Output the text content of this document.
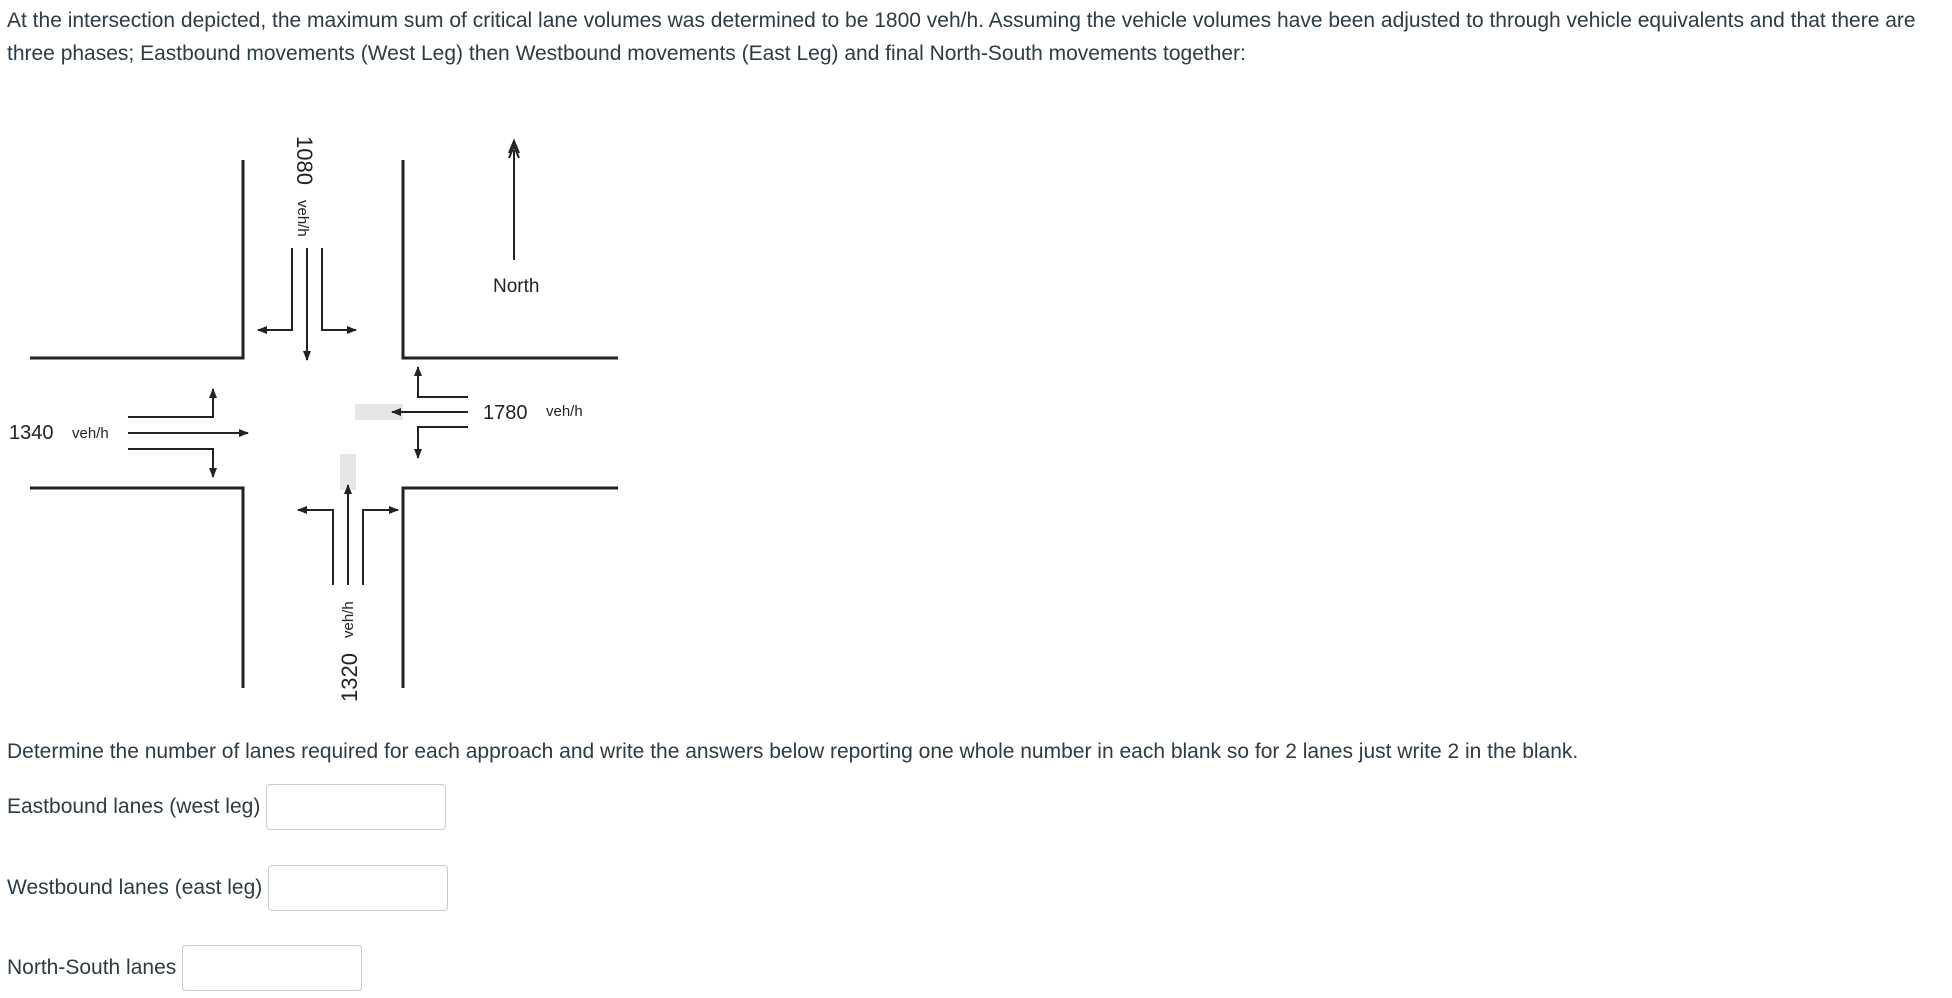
At the intersection depicted, the maximum sum of critical lane volumes was determined to be 1800 veh/h. Assuming the vehicle volumes have been adjusted to through vehicle equivalents and that there are three phases; Eastbound movements (West Leg) then Westbound movements (East Leg) and final North-South movements together:
North
1080
veh/h
1340 veh/h
1780 veh/h
1320
veh/h
Determine the number of lanes required for each approach and write the answers below reporting one whole number in each blank so for 2 lanes just write 2 in the blank.
Eastbound lanes (west leg)
Westbound lanes (east leg)
North-South lanes
